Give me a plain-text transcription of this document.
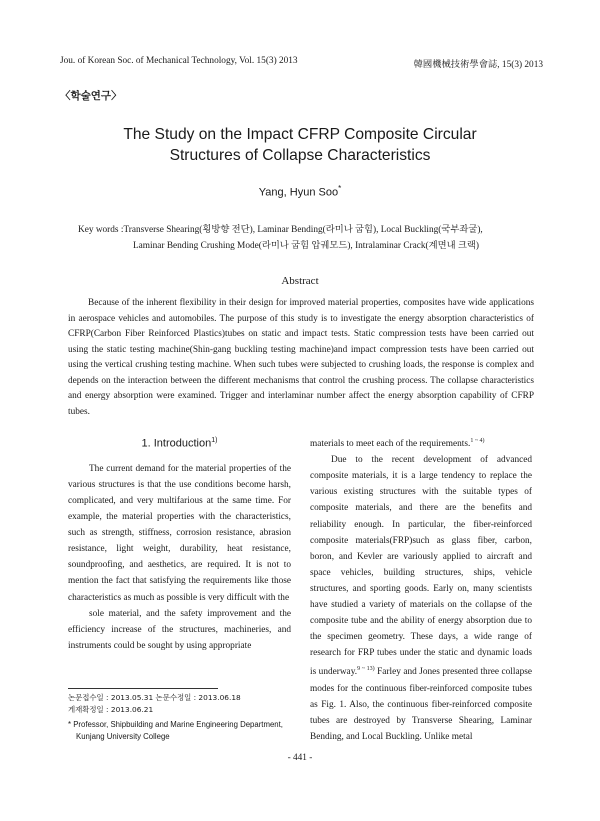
Jou. of Korean Soc. of Mechanical Technology, Vol. 15(3) 2013	韓國機械技術學會誌, 15(3) 2013
〈학술연구〉
The Study on the Impact CFRP Composite Circular
Structures of Collapse Characteristics
Yang, Hyun Soo*
Key words :Transverse Shearing(횡방향 전단), Laminar Bending(라미나 굽힘), Local Buckling(국부좌굴),
Laminar Bending Crushing Mode(라미나 굽힘 압궤모드), Intralaminar Crack(계면내 크랙)
Abstract

Because of the inherent flexibility in their design for improved material properties, composites have wide applications in aerospace vehicles and automobiles. The purpose of this study is to investigate the energy absorption characteristics of CFRP(Carbon Fiber Reinforced Plastics)tubes on static and impact tests. Static compression tests have been carried out using the static testing machine(Shin-gang buckling testing machine)and impact compression tests have been carried out using the vertical crushing testing machine. When such tubes were subjected to crushing loads, the response is complex and depends on the interaction between the different mechanisms that control the crushing process. The collapse characteristics and energy absorption were examined. Trigger and interlaminar number affect the energy absorption capability of CFRP tubes.

1. Introduction$^{1)}$

The current demand for the material properties of the various structures is that the use conditions become harsh, complicated, and very multifarious at the same time. For example, the material properties with the characteristics, such as strength, stiffness, corrosion resistance, abrasion resistance, light weight, durability, heat resistance, soundproofing, and aesthetics, are required. It is not to mention the fact that satisfying the requirements like those characteristics as much as possible is very difficult with the

sole material, and the safety improvement and the efficiency increase of the structures, machineries, and instruments could be sought by using appropriate

materials to meet each of the requirements.$^{1 \sim 4)}$

Due to the recent development of advanced composite materials, it is a large tendency to replace the various existing structures with the suitable types of composite materials, and there are the benefits and reliability enough. In particular, the fiber-reinforced composite materials(FRP)such as glass fiber, carbon, boron, and Kevler are variously applied to aircraft and space vehicles, building structures, ships, vehicle structures, and sporting goods. Early on, many scientists have studied a variety of materials on the collapse of the composite tube and the ability of energy absorption due to the specimen geometry. These days, a wide range of research for FRP tubes under the static and dynamic loads is underway.$^{9 \sim 13)}$ Farley and Jones presented three collapse modes for the continuous fiber-reinforced composite tubes as Fig. 1. Also, the continuous fiber-reinforced composite tubes are destroyed by Transverse Shearing, Laminar Bending, and Local Buckling. Unlike metal

논문접수일 : 2013.05.31 논문수정일 : 2013.06.18
게재확정일 : 2013.06.21
* Professor, Shipbuilding and Marine Engineering Department, Kunjang University College
- 441 -
